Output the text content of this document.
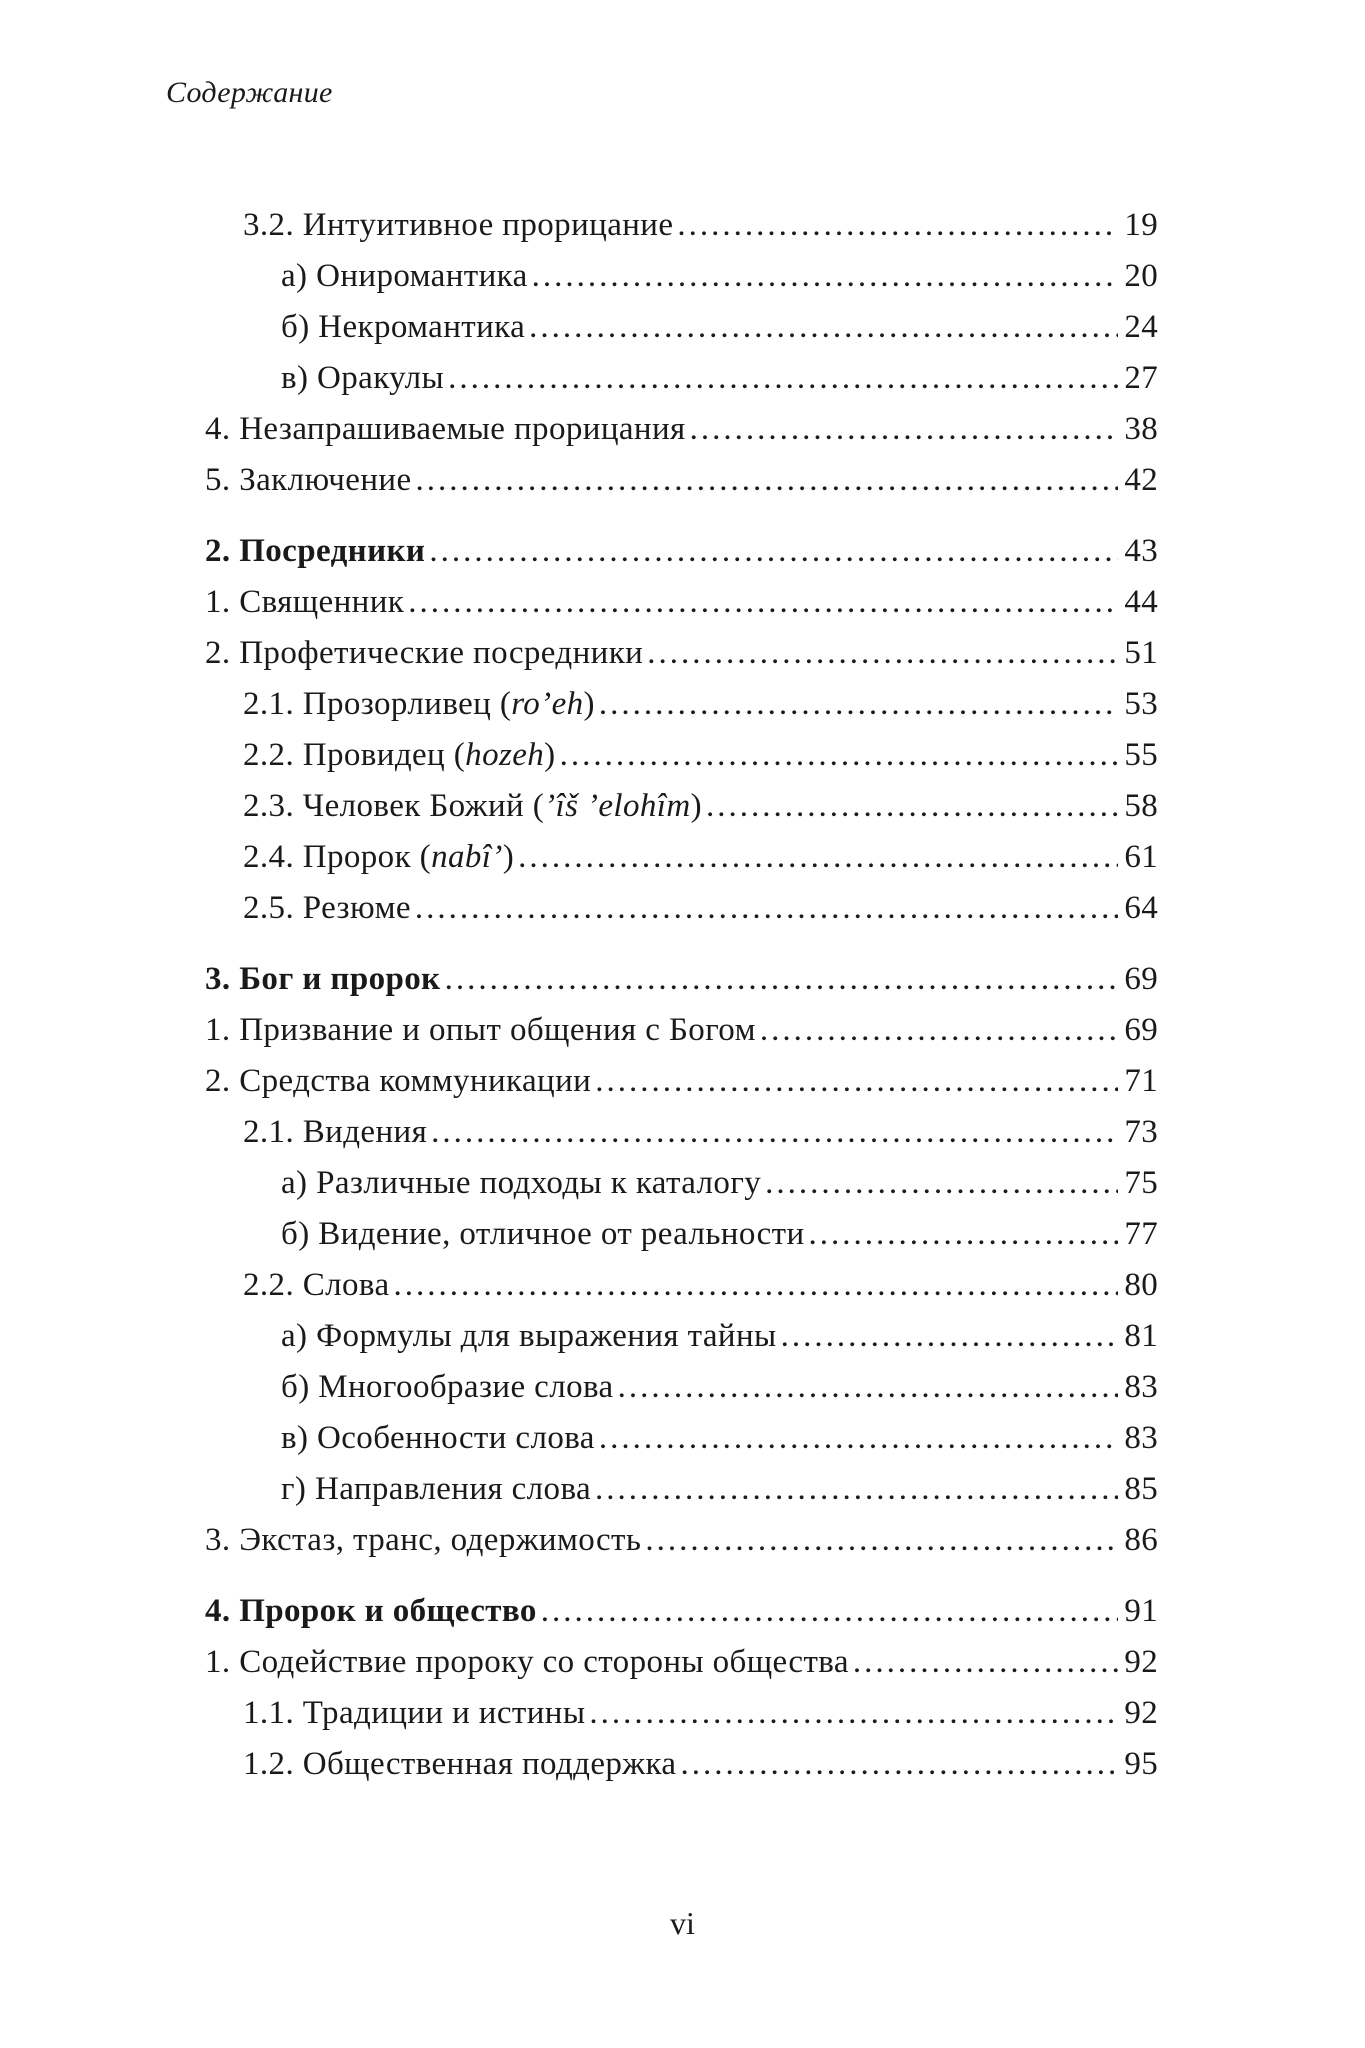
Содержание
3.2. Интуитивное прорицание .....	19
а) Ониромантика .....	20
б) Некромантика .....	24
в) Оракулы .....	27
4. Незапрашиваемые прорицания .....	38
5. Заключение .....	42
2. Посредники .....	43
1. Священник .....	44
2. Профетические посредники .....	51
2.1. Прозорливец (ro’eh) .....	53
2.2. Провидец (hozeh) .....	55
2.3. Человек Божий (’îš ’elohîm) .....	58
2.4. Пророк (nabî’) .....	61
2.5. Резюме .....	64
3. Бог и пророк .....	69
1. Призвание и опыт общения с Богом .....	69
2. Средства коммуникации .....	71
2.1. Видения .....	73
а) Различные подходы к каталогу .....	75
б) Видение, отличное от реальности .....	77
2.2. Слова .....	80
а) Формулы для выражения тайны .....	81
б) Многообразие слова .....	83
в) Особенности слова .....	83
г) Направления слова .....	85
3. Экстаз, транс, одержимость .....	86
4. Пророк и общество .....	91
1. Содействие пророку со стороны общества .....	92
1.1. Традиции и истины .....	92
1.2. Общественная поддержка .....	95
vi
